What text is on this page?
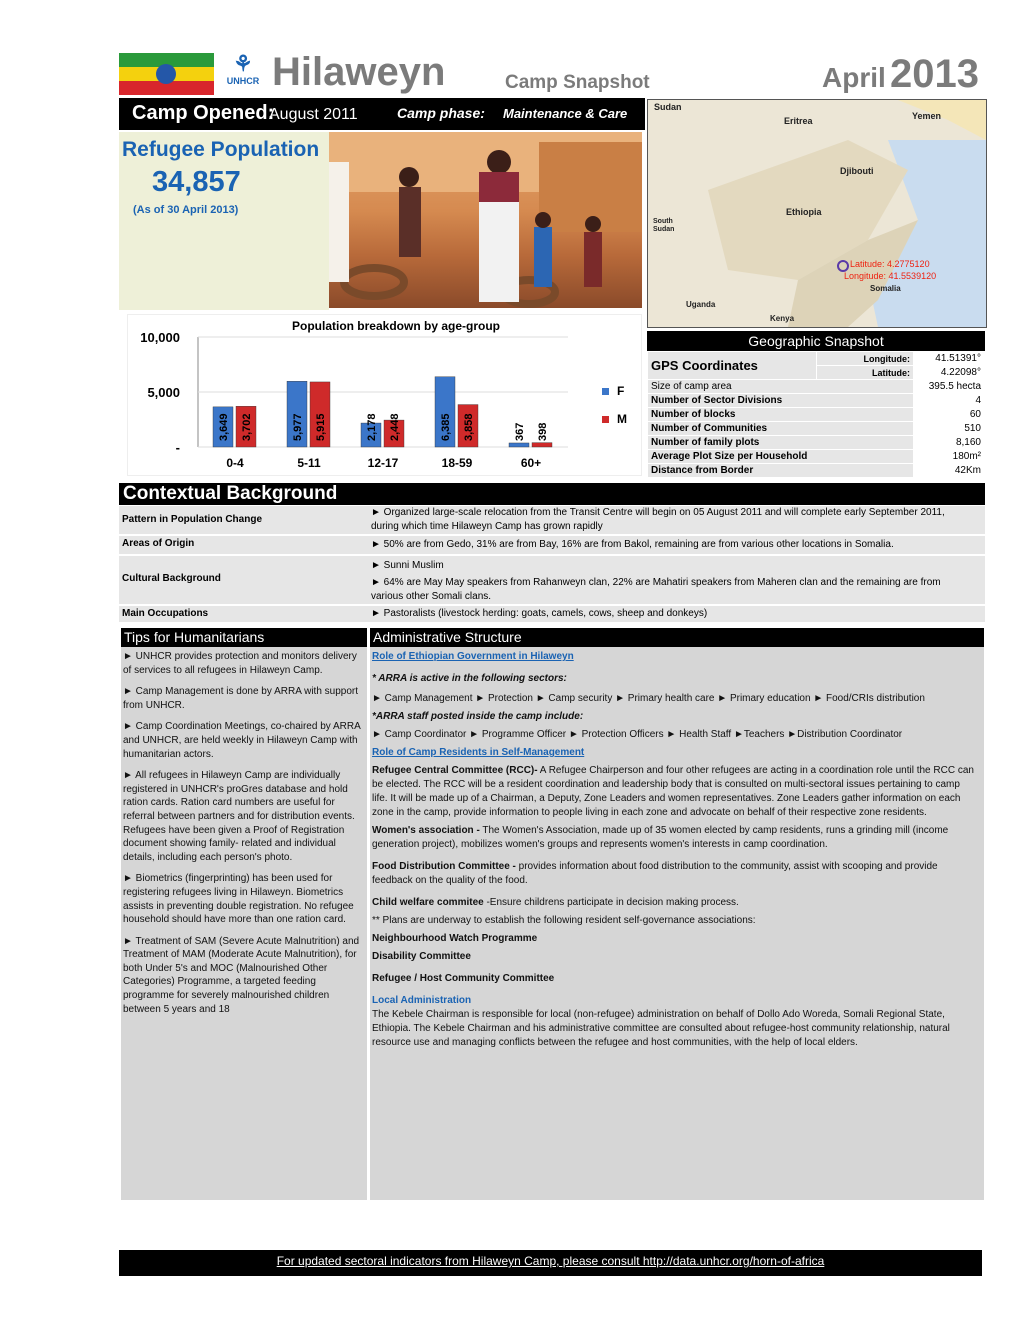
⚘
UNHCR Hilaweyn	Camp Snapshot	April 2013
Camp Opened:
August 2011	Camp phase: Maintenance & Care
Refugee Population
34,857
(As of 30 April 2013)
Sudan
Eritrea	Yemen
Djibouti
Ethiopia
South Sudan
Somalia
Uganda
Kenya
Latitude: 4.2775120
Longitude: 41.5539120
Population breakdown by age-group
10,000
5,000
-
3,649 3,702
0-4
5,977 5,915
5-11
2,178 2,448
12-17
6,385 3,858
18-59
367 398
60+
F
M
Geographic Snapshot
GPS Coordinates	Longitude:	41.51391°
	Latitude:	4.22098°
Size of camp area		395.5 hecta
Number of Sector Divisions		4
Number of blocks		60
Number of Communities		510
Number of family plots		8,160
Average Plot Size per Household		180m²
Distance from Border		42Km
Contextual Background
Pattern in Population Change
► Organized large-scale relocation from the Transit Centre will begin on 05 August 2011 and will complete early September 2011, during which time Hilaweyn Camp has grown rapidly
Areas of Origin	► 50% are from Gedo, 31% are from Bay, 16% are from Bakol, remaining are from various other locations in Somalia.
Cultural Background
► Sunni Muslim
► 64% are May May speakers from Rahanweyn clan, 22% are Mahatiri speakers from Maheren clan and the remaining are from various other Somali clans.
Main Occupations	► Pastoralists (livestock herding: goats, camels, cows, sheep and donkeys)
Tips for Humanitarians

► UNHCR provides protection and monitors delivery of services to all refugees in Hilaweyn Camp.

► Camp Management is done by ARRA with support from UNHCR.

► Camp Coordination Meetings, co-chaired by ARRA and UNHCR, are held weekly in Hilaweyn Camp with humanitarian actors.

► All refugees in Hilaweyn Camp are individually registered in UNHCR's proGres database and hold ration cards. Ration card numbers are useful for referral between partners and for distribution events. Refugees have been given a Proof of Registration document showing family- related and individual details, including each person's photo.

► Biometrics (fingerprinting) has been used for registering refugees living in Hilaweyn. Biometrics assists in preventing double registration. No refugee household should have more than one ration card.

► Treatment of SAM (Severe Acute Malnutrition) and Treatment of MAM (Moderate Acute Malnutrition), for both Under 5's and MOC (Malnourished Other Categories) Programme, a targeted feeding programme for severely malnourished children between 5 years and 18

Administrative Structure

Role of Ethiopian Government in Hilaweyn

* ARRA is active in the following sectors:

► Camp Management ► Protection ► Camp security ► Primary health care ► Primary education ► Food/CRIs distribution

*ARRA staff posted inside the camp include:

► Camp Coordinator ► Programme Officer ► Protection Officers ► Health Staff ►Teachers ►Distribution Coordinator

Role of Camp Residents in Self-Management

Refugee Central Committee (RCC)- A Refugee Chairperson and four other refugees are acting in a coordination role until the RCC can be elected. The RCC will be a resident coordination and leadership body that is consulted on multi-sectoral issues pertaining to camp life. It will be made up of a Chairman, a Deputy, Zone Leaders and women representatives. Zone Leaders gather information on each zone in the camp, provide information to people living in each zone and advocate on behalf of their respective zone residents.

Women's association - The Women's Association, made up of 35 women elected by camp residents, runs a grinding mill (income generation project), mobilizes women's groups and represents women's interests in camp coordination.

Food Distribution Committee - provides information about food distribution to the community, assist with scooping and provide feedback on the quality of the food.

Child welfare commitee -Ensure childrens participate in decision making process.

** Plans are underway to establish the following resident self-governance associations:

Neighbourhood Watch Programme

Disability Committee

Refugee / Host Community Committee

Local Administration

The Kebele Chairman is responsible for local (non-refugee) administration on behalf of Dollo Ado Woreda, Somali Regional State, Ethiopia. The Kebele Chairman and his administrative committee are consulted about refugee-host community relationship, natural resource use and managing conflicts between the refugee and host communities, with the help of local elders.

For updated sectoral indicators from Hilaweyn Camp, please consult http://data.unhcr.org/horn-of-africa
